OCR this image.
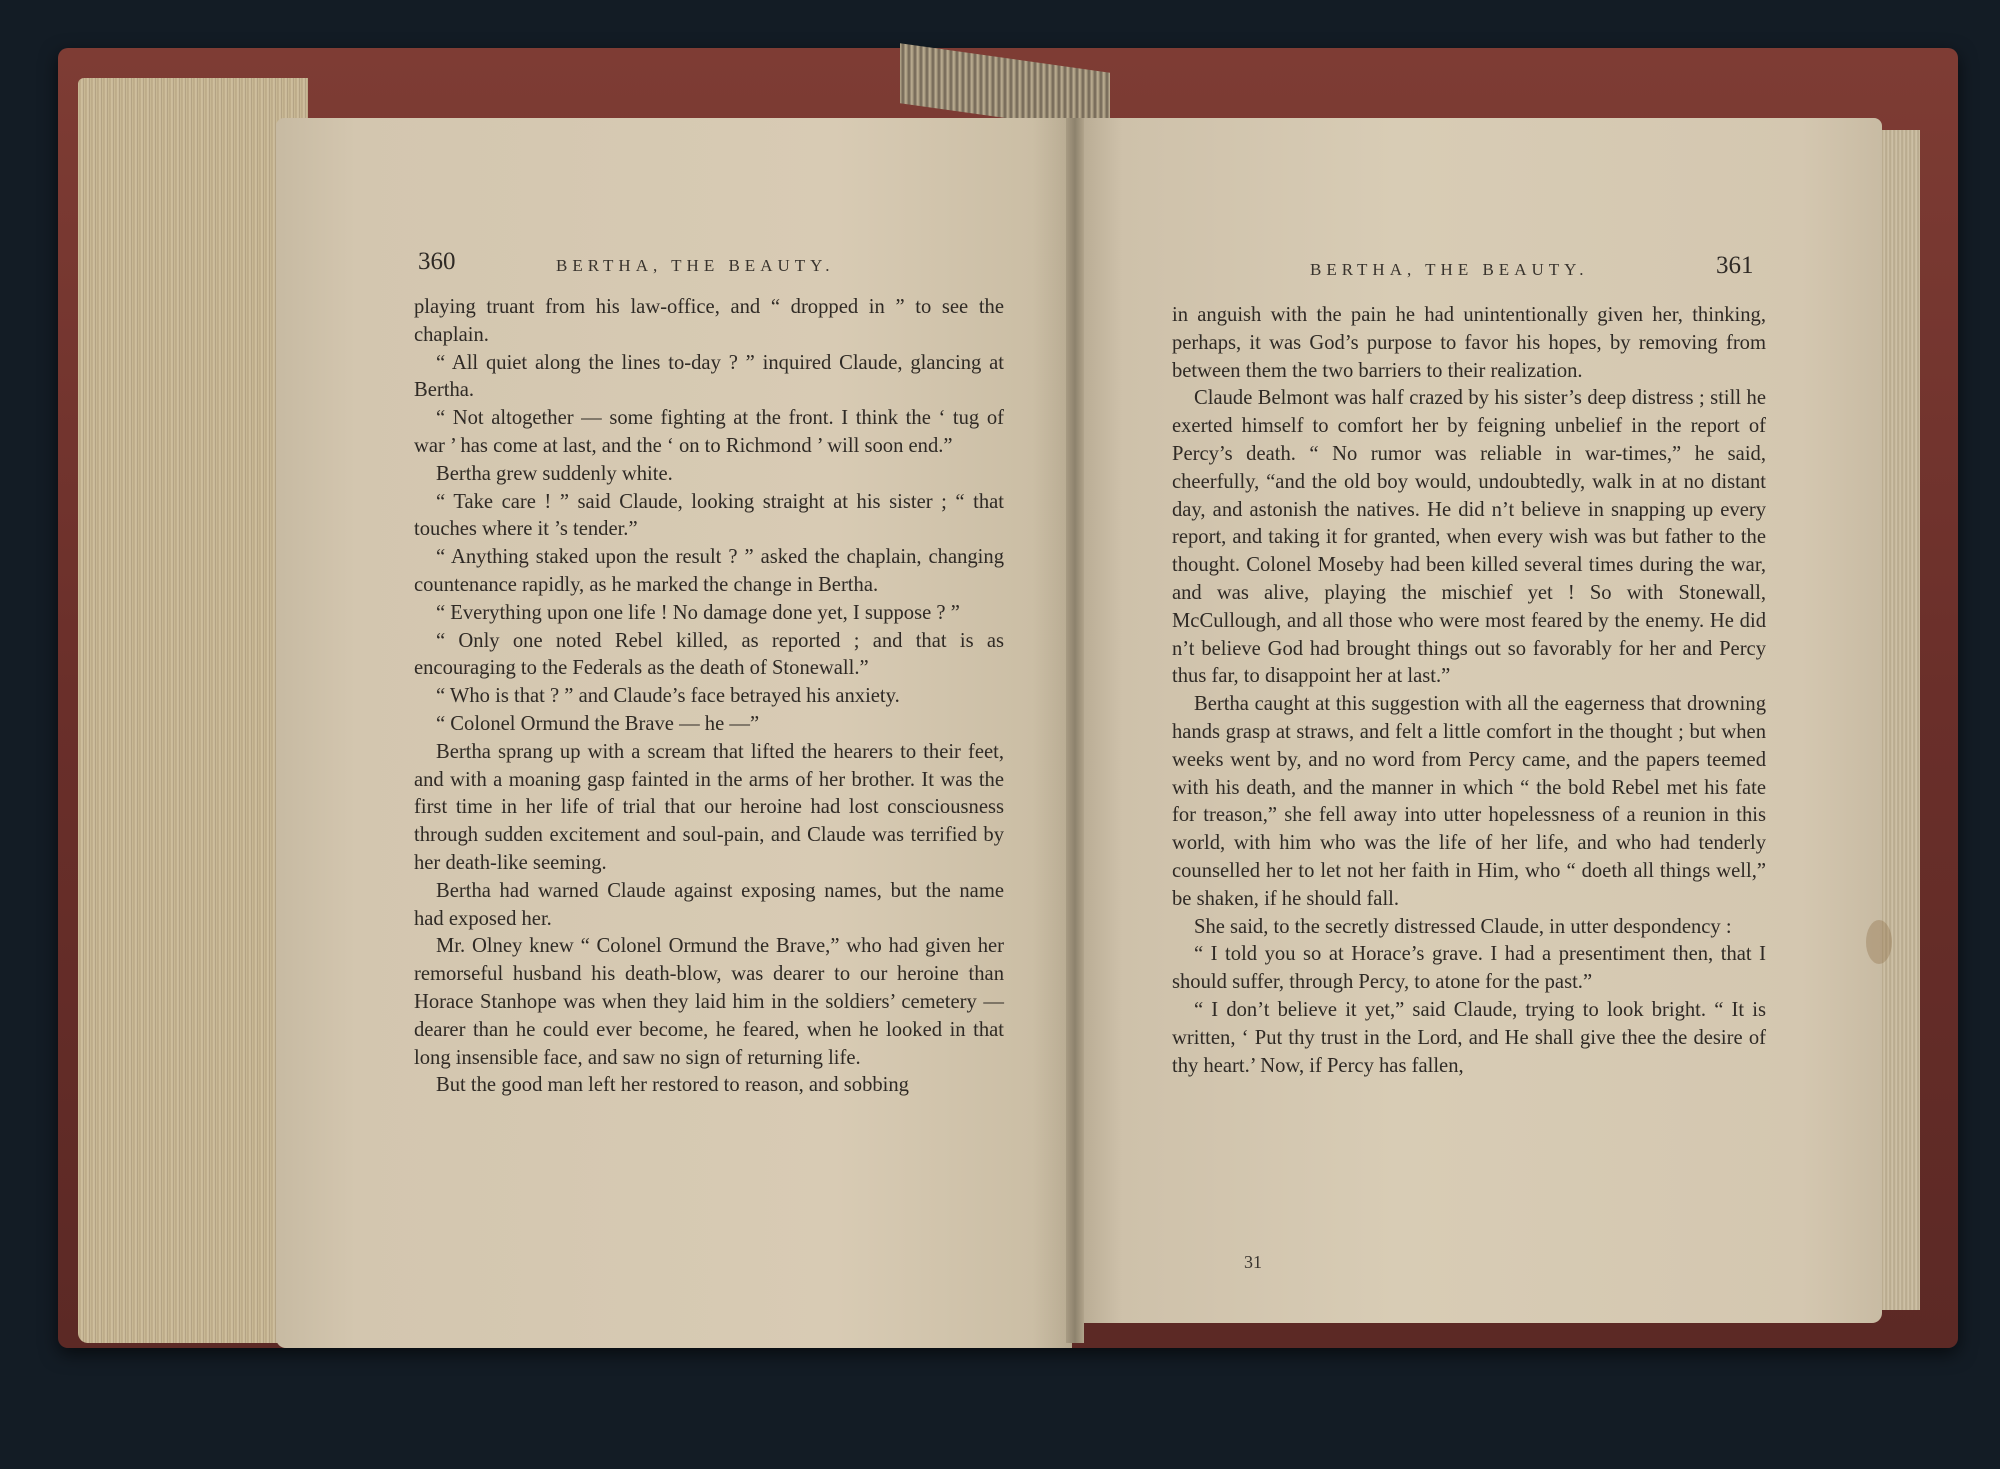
360	BERTHA, THE BEAUTY.

playing truant from his law-office, and “ dropped in ” to see the chaplain.

“ All quiet along the lines to-day ? ” inquired Claude, glancing at Bertha.

“ Not altogether — some fighting at the front. I think the ‘ tug of war ’ has come at last, and the ‘ on to Richmond ’ will soon end.”

Bertha grew suddenly white.

“ Take care ! ” said Claude, looking straight at his sister ; “ that touches where it ’s tender.”

“ Anything staked upon the result ? ” asked the chaplain, changing countenance rapidly, as he marked the change in Bertha.

“ Everything upon one life ! No damage done yet, I suppose ? ”

“ Only one noted Rebel killed, as reported ; and that is as encouraging to the Federals as the death of Stonewall.”

“ Who is that ? ” and Claude’s face betrayed his anxiety.

“ Colonel Ormund the Brave — he —”

Bertha sprang up with a scream that lifted the hearers to their feet, and with a moaning gasp fainted in the arms of her brother. It was the first time in her life of trial that our heroine had lost consciousness through sudden excitement and soul-pain, and Claude was terrified by her death-like seeming.

Bertha had warned Claude against exposing names, but the name had exposed her.

Mr. Olney knew “ Colonel Ormund the Brave,” who had given her remorseful husband his death-blow, was dearer to our heroine than Horace Stanhope was when they laid him in the soldiers’ cemetery — dearer than he could ever become, he feared, when he looked in that long insensible face, and saw no sign of returning life.

But the good man left her restored to reason, and sobbing

BERTHA, THE BEAUTY.	361

in anguish with the pain he had unintentionally given her, thinking, perhaps, it was God’s purpose to favor his hopes, by removing from between them the two barriers to their realization.

Claude Belmont was half crazed by his sister’s deep distress ; still he exerted himself to comfort her by feigning unbelief in the report of Percy’s death. “ No rumor was reliable in war-times,” he said, cheerfully, “and the old boy would, undoubtedly, walk in at no distant day, and astonish the natives. He did n’t believe in snapping up every report, and taking it for granted, when every wish was but father to the thought. Colonel Moseby had been killed several times during the war, and was alive, playing the mischief yet ! So with Stonewall, McCullough, and all those who were most feared by the enemy. He did n’t believe God had brought things out so favorably for her and Percy thus far, to disappoint her at last.”

Bertha caught at this suggestion with all the eagerness that drowning hands grasp at straws, and felt a little comfort in the thought ; but when weeks went by, and no word from Percy came, and the papers teemed with his death, and the manner in which “ the bold Rebel met his fate for treason,” she fell away into utter hopelessness of a reunion in this world, with him who was the life of her life, and who had tenderly counselled her to let not her faith in Him, who “ doeth all things well,” be shaken, if he should fall.

She said, to the secretly distressed Claude, in utter despondency :

“ I told you so at Horace’s grave. I had a presentiment then, that I should suffer, through Percy, to atone for the past.”

“ I don’t believe it yet,” said Claude, trying to look bright. “ It is written, ‘ Put thy trust in the Lord, and He shall give thee the desire of thy heart.’ Now, if Percy has fallen,

31
